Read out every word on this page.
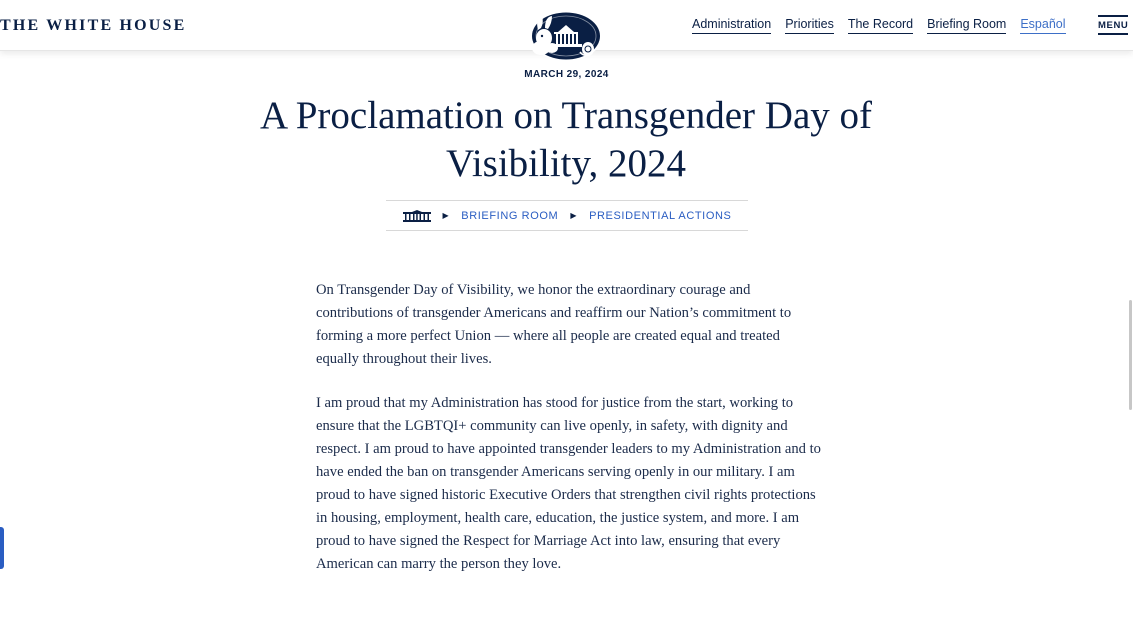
THE WHITE HOUSE	Administration Priorities The Record Briefing Room Español	MENU
MARCH 29, 2024
A Proclamation on Transgender Day of Visibility, 2024
▶ BRIEFING ROOM ▶ PRESIDENTIAL ACTIONS

On Transgender Day of Visibility, we honor the extraordinary courage and contributions of transgender Americans and reaffirm our Nation’s commitment to forming a more perfect Union — where all people are created equal and treated equally throughout their lives.

I am proud that my Administration has stood for justice from the start, working to ensure that the LGBTQI+ community can live openly, in safety, with dignity and respect. I am proud to have appointed transgender leaders to my Administration and to have ended the ban on transgender Americans serving openly in our military. I am proud to have signed historic Executive Orders that strengthen civil rights protections in housing, employment, health care, education, the justice system, and more. I am proud to have signed the Respect for Marriage Act into law, ensuring that every American can marry the person they love.
